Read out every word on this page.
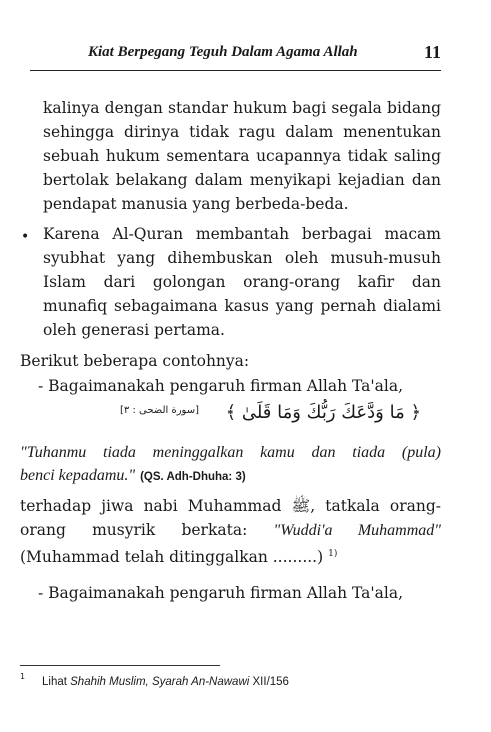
Kiat Berpegang Teguh Dalam Agama Allah	11
kalinya dengan standar hukum bagi segala bidang
sehingga dirinya tidak ragu dalam menentukan
sebuah hukum sementara ucapannya tidak saling
bertolak belakang dalam menyikapi kejadian dan
pendapat manusia yang berbeda-beda.
• Karena Al-Quran membantah berbagai macam
syubhat yang dihembuskan oleh musuh-musuh
Islam dari golongan orang-orang kafir dan
munafiq sebagaimana kasus yang pernah dialami
oleh generasi pertama.
Berikut beberapa contohnya:
- Bagaimanakah pengaruh firman Allah Ta'ala,
[سورة الضحى : ٣] ﴿ مَا وَدَّعَكَ رَبُّكَ وَمَا قَلَىٰ ﴾
"Tuhanmu tiada meninggalkan kamu dan tiada (pula)
benci kepadamu." (QS. Adh-Dhuha: 3)
terhadap jiwa nabi Muhammad ﷺ, tatkala orang-
orang musyrik berkata: "Wuddi'a Muhammad"
(Muhammad telah ditinggalkan .........) $^{1)}$
- Bagaimanakah pengaruh firman Allah Ta'ala,
1 Lihat Shahih Muslim, Syarah An-Nawawi XII/156
